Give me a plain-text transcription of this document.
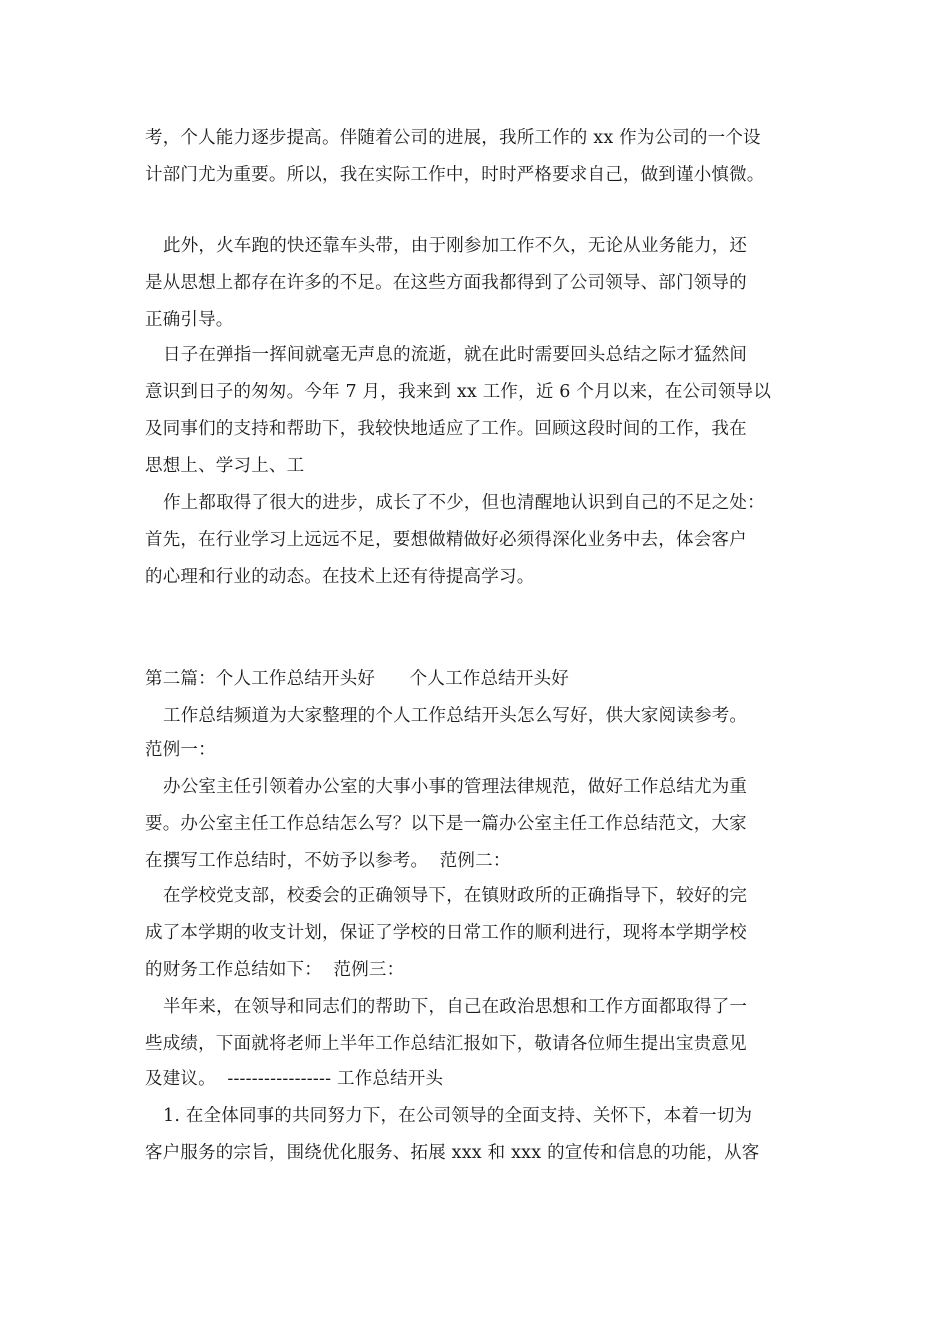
考，个人能力逐步提高。伴随着公司的进展，我所工作的 xx 作为公司的一个设
计部门尤为重要。所以，我在实际工作中，时时严格要求自己，做到谨小慎微。
此外，火车跑的快还靠车头带，由于刚参加工作不久，无论从业务能力，还
是从思想上都存在许多的不足。在这些方面我都得到了公司领导、部门领导的
正确引导。
日子在弹指一挥间就毫无声息的流逝，就在此时需要回头总结之际才猛然间
意识到日子的匆匆。今年 7 月，我来到 xx 工作，近 6 个月以来，在公司领导以
及同事们的支持和帮助下，我较快地适应了工作。回顾这段时间的工作，我在
思想上、学习上、工
作上都取得了很大的进步，成长了不少，但也清醒地认识到自己的不足之处：
首先，在行业学习上远远不足，要想做精做好必须得深化业务中去，体会客户
的心理和行业的动态。在技术上还有待提高学习。
第二篇：个人工作总结开头好      个人工作总结开头好
工作总结频道为大家整理的个人工作总结开头怎么写好，供大家阅读参考。
范例一：
办公室主任引领着办公室的大事小事的管理法律规范，做好工作总结尤为重
要。办公室主任工作总结怎么写？以下是一篇办公室主任工作总结范文，大家
在撰写工作总结时，不妨予以参考。  范例二：
在学校党支部，校委会的正确领导下，在镇财政所的正确指导下，较好的完
成了本学期的收支计划，保证了学校的日常工作的顺利进行，现将本学期学校
的财务工作总结如下：  范例三：
半年来，在领导和同志们的帮助下，自己在政治思想和工作方面都取得了一
些成绩，下面就将老师上半年工作总结汇报如下，敬请各位师生提出宝贵意见
及建议。  ----------------- 工作总结开头
1. 在全体同事的共同努力下，在公司领导的全面支持、关怀下，本着一切为
客户服务的宗旨，围绕优化服务、拓展 xxx 和 xxx 的宣传和信息的功能，从客
